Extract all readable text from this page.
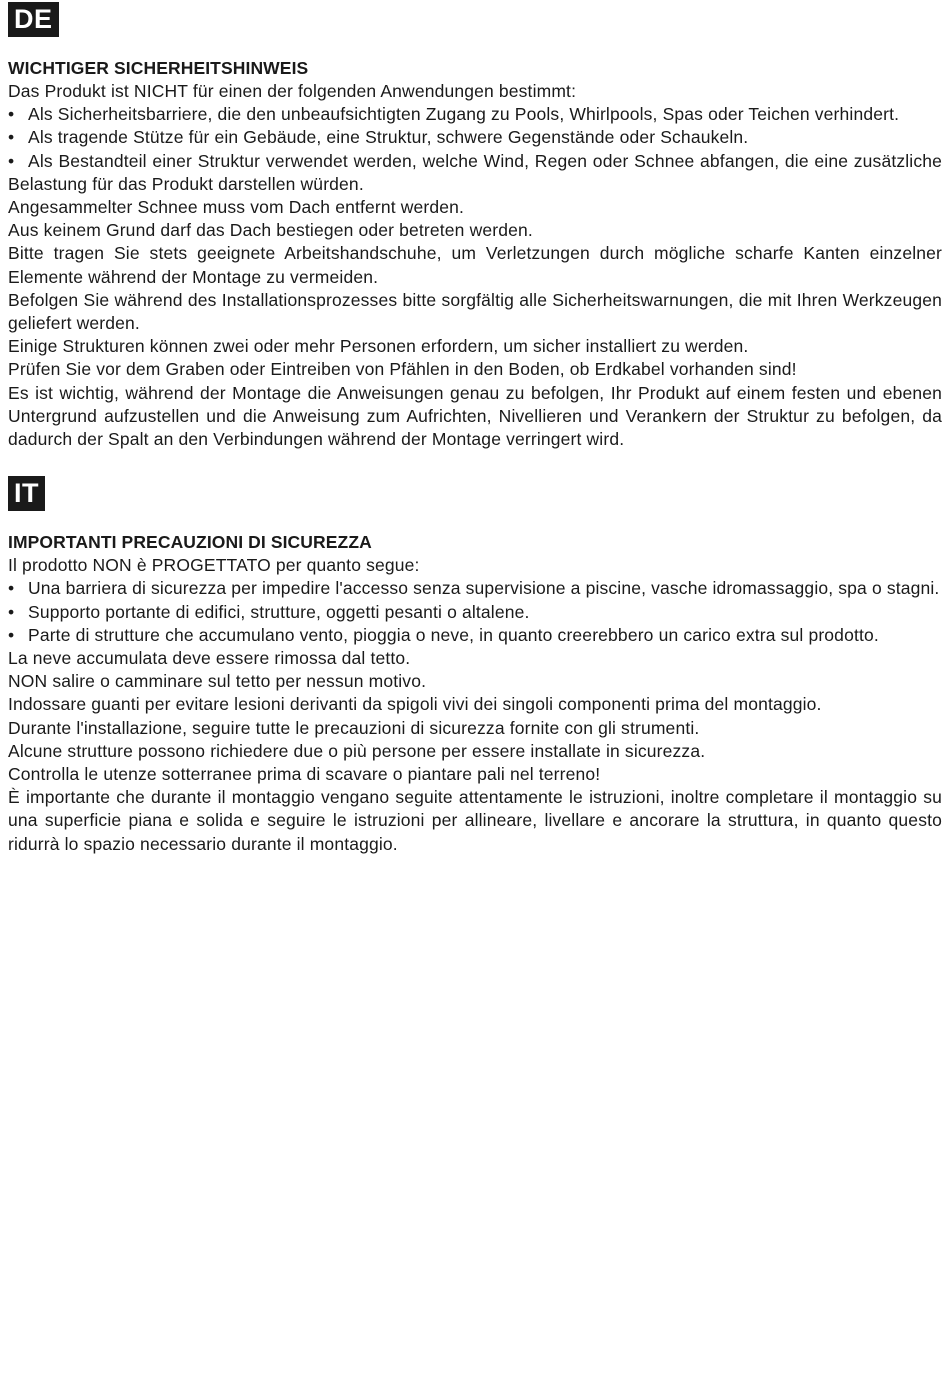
DE
WICHTIGER SICHERHEITSHINWEIS

Das Produkt ist NICHT für einen der folgenden Anwendungen bestimmt:

• Als Sicherheitsbarriere, die den unbeaufsichtigten Zugang zu Pools, Whirlpools, Spas oder Teichen verhindert.

• Als tragende Stütze für ein Gebäude, eine Struktur, schwere Gegenstände oder Schaukeln.

• Als Bestandteil einer Struktur verwendet werden, welche Wind, Regen oder Schnee abfangen, die eine zusätzliche Belastung für das Produkt darstellen würden.

Angesammelter Schnee muss vom Dach entfernt werden.

Aus keinem Grund darf das Dach bestiegen oder betreten werden.

Bitte tragen Sie stets geeignete Arbeitshandschuhe, um Verletzungen durch mögliche scharfe Kanten einzelner Elemente während der Montage zu vermeiden.

Befolgen Sie während des Installationsprozesses bitte sorgfältig alle Sicherheitswarnungen, die mit Ihren Werkzeugen geliefert werden.

Einige Strukturen können zwei oder mehr Personen erfordern, um sicher installiert zu werden.

Prüfen Sie vor dem Graben oder Eintreiben von Pfählen in den Boden, ob Erdkabel vorhanden sind!

Es ist wichtig, während der Montage die Anweisungen genau zu befolgen, Ihr Produkt auf einem festen und ebenen Untergrund aufzustellen und die Anweisung zum Aufrichten, Nivellieren und Verankern der Struktur zu befolgen, da dadurch der Spalt an den Verbindungen während der Montage verringert wird.

IT
IMPORTANTI PRECAUZIONI DI SICUREZZA

Il prodotto NON è PROGETTATO per quanto segue:

• Una barriera di sicurezza per impedire l'accesso senza supervisione a piscine, vasche idromassaggio, spa o stagni.

• Supporto portante di edifici, strutture, oggetti pesanti o altalene.

• Parte di strutture che accumulano vento, pioggia o neve, in quanto creerebbero un carico extra sul prodotto.

La neve accumulata deve essere rimossa dal tetto.

NON salire o camminare sul tetto per nessun motivo.

Indossare guanti per evitare lesioni derivanti da spigoli vivi dei singoli componenti prima del montaggio.

Durante l'installazione, seguire tutte le precauzioni di sicurezza fornite con gli strumenti.

Alcune strutture possono richiedere due o più persone per essere installate in sicurezza.

Controlla le utenze sotterranee prima di scavare o piantare pali nel terreno!

È importante che durante il montaggio vengano seguite attentamente le istruzioni, inoltre completare il montaggio su una superficie piana e solida e seguire le istruzioni per allineare, livellare e ancorare la struttura, in quanto questo ridurrà lo spazio necessario durante il montaggio.
